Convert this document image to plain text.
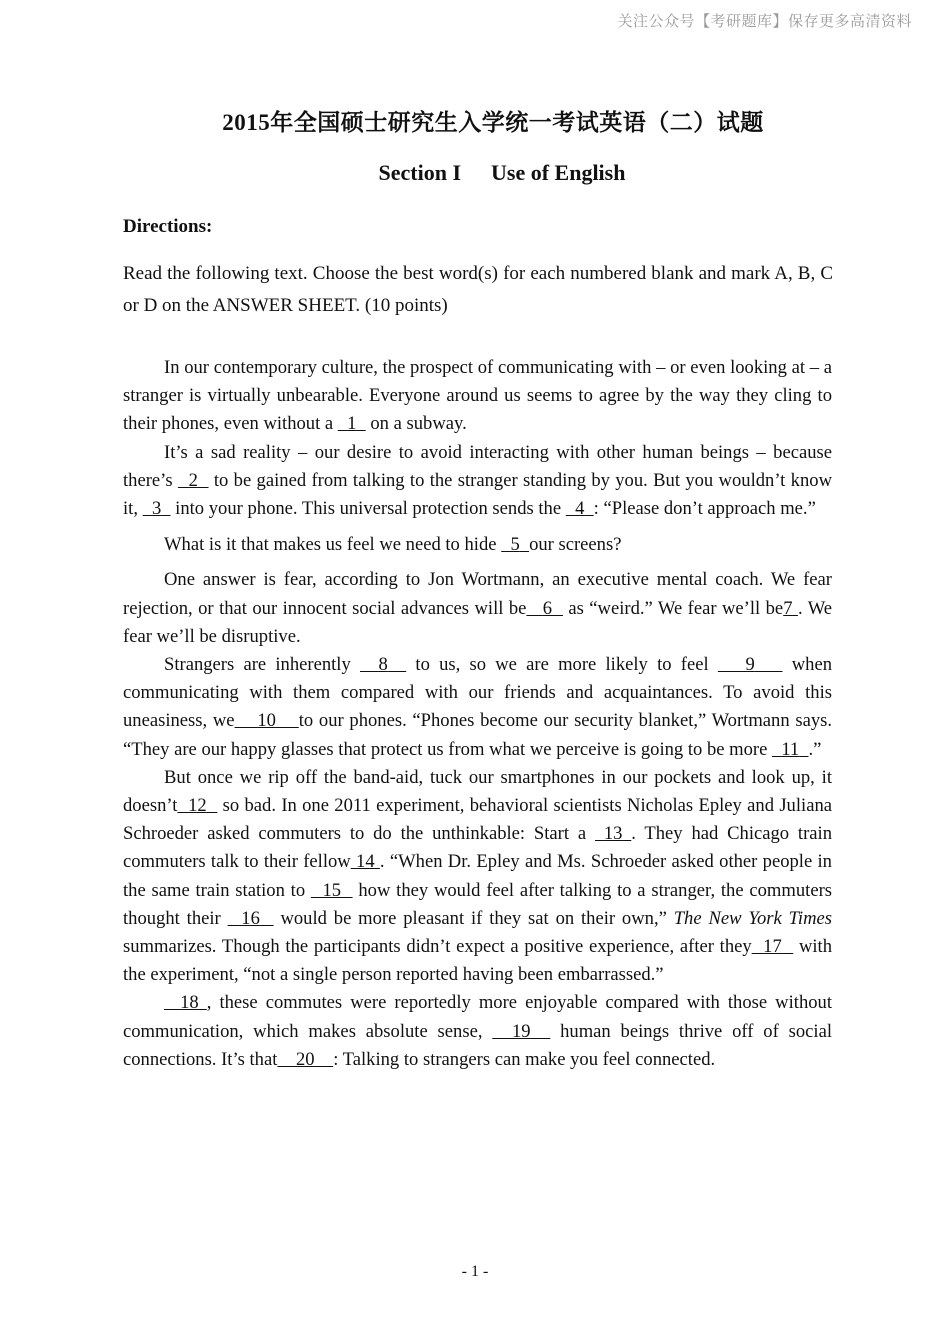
关注公众号【考研题库】保存更多高清资料
2015年全国硕士研究生入学统一考试英语（二）试题
Section I Use of English
Directions:
Read the following text. Choose the best word(s) for each numbered blank and mark A, B, C or D on the ANSWER SHEET. (10 points)

In our contemporary culture, the prospect of communicating with – or even looking at – a stranger is virtually unbearable. Everyone around us seems to agree by the way they cling to their phones, even without a   1   on a subway.

It’s a sad reality – our desire to avoid interacting with other human beings – because there’s   2   to be gained from talking to the stranger standing by you. But you wouldn’t know it,   3   into your phone. This universal protection sends the   4 : “Please don’t approach me.”

What is it that makes us feel we need to hide   5 our screens?

One answer is fear, according to Jon Wortmann, an executive mental coach. We fear rejection, or that our innocent social advances will be 6   as “weird.” We fear we’ll be7 . We fear we’ll be disruptive.

Strangers are inherently   8   to us, so we are more likely to feel    9    when communicating with them compared with our friends and acquaintances. To avoid this uneasiness, we 10 to our phones. “Phones become our security blanket,” Wortmann says. “They are our happy glasses that protect us from what we perceive is going to be more   11 .”

But once we rip off the band-aid, tuck our smartphones in our pockets and look up, it doesn’t 12   so bad. In one 2011 experiment, behavioral scientists Nicholas Epley and Juliana Schroeder asked commuters to do the unthinkable: Start a  13 . They had Chicago train commuters talk to their fellow 14 . “When Dr. Epley and Ms. Schroeder asked other people in the same train station to   15   how they would feel after talking to a stranger, the commuters thought their   16   would be more pleasant if they sat on their own,” The New York Times summarizes. Though the participants didn’t expect a positive experience, after they 17   with the experiment, “not a single person reported having been embarrassed.”

18 , these commutes were reportedly more enjoyable compared with those without communication, which makes absolute sense,   19   human beings thrive off of social connections. It’s that 20 : Talking to strangers can make you feel connected.

- 1 -
